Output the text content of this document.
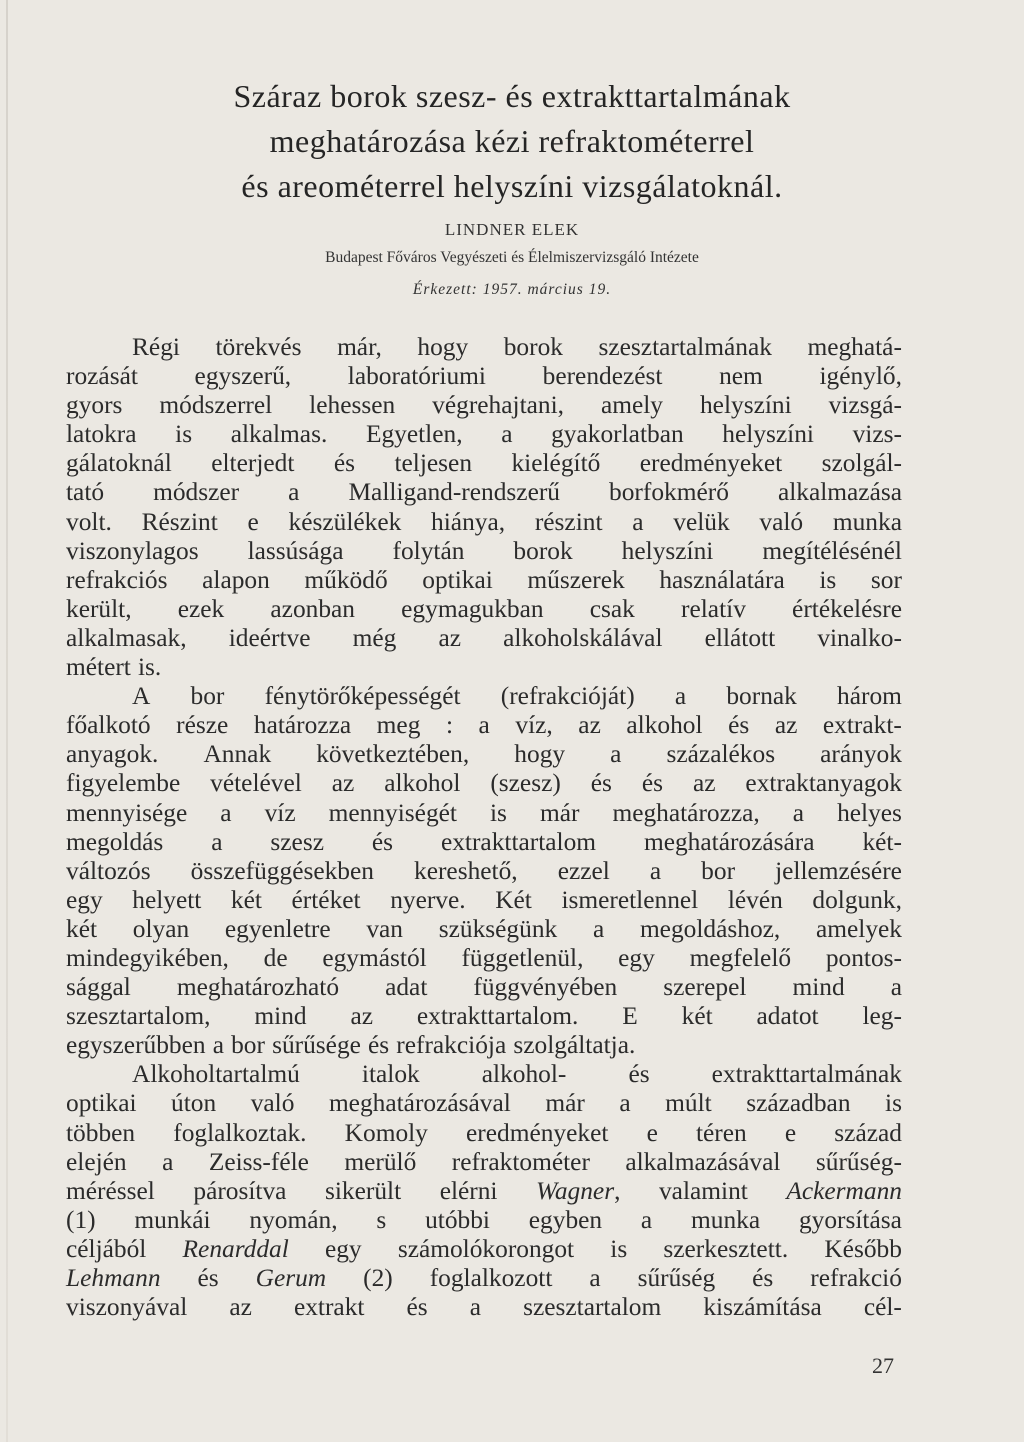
Száraz borok szesz- és extrakttartalmának
meghatározása kézi refraktométerrel
és areométerrel helyszíni vizsgálatoknál.
LINDNER ELEK
Budapest Főváros Vegyészeti és Élelmiszervizsgáló Intézete
Érkezett: 1957. március 19.
Régi törekvés már, hogy borok szesztartalmának meghatá-
rozását egyszerű, laboratóriumi berendezést nem igénylő,
gyors módszerrel lehessen végrehajtani, amely helyszíni vizsgá-
latokra is alkalmas. Egyetlen, a gyakorlatban helyszíni vizs-
gálatoknál elterjedt és teljesen kielégítő eredményeket szolgál-
tató módszer a Malligand-rendszerű borfokmérő alkalmazása
volt. Részint e készülékek hiánya, részint a velük való munka
viszonylagos lassúsága folytán borok helyszíni megítélésénél
refrakciós alapon működő optikai műszerek használatára is sor
került, ezek azonban egymagukban csak relatív értékelésre
alkalmasak, ideértve még az alkoholskálával ellátott vinalko-
métert is.
A bor fénytörőképességét (refrakcióját) a bornak három
főalkotó része határozza meg : a víz, az alkohol és az extrakt-
anyagok. Annak következtében, hogy a százalékos arányok
figyelembe vételével az alkohol (szesz) és és az extraktanyagok
mennyisége a víz mennyiségét is már meghatározza, a helyes
megoldás a szesz és extrakttartalom meghatározására két-
változós összefüggésekben kereshető, ezzel a bor jellemzésére
egy helyett két értéket nyerve. Két ismeretlennel lévén dolgunk,
két olyan egyenletre van szükségünk a megoldáshoz, amelyek
mindegyikében, de egymástól függetlenül, egy megfelelő pontos-
sággal meghatározható adat függvényében szerepel mind a
szesztartalom, mind az extrakttartalom. E két adatot leg-
egyszerűbben a bor sűrűsége és refrakciója szolgáltatja.
Alkoholtartalmú italok alkohol- és extrakttartalmának
optikai úton való meghatározásával már a múlt században is
többen foglalkoztak. Komoly eredményeket e téren e század
elején a Zeiss-féle merülő refraktométer alkalmazásával sűrűség-
méréssel párosítva sikerült elérni Wagner, valamint Ackermann
(1) munkái nyomán, s utóbbi egyben a munka gyorsítása
céljából Renarddal egy számolókorongot is szerkesztett. Később
Lehmann és Gerum (2) foglalkozott a sűrűség és refrakció
viszonyával az extrakt és a szesztartalom kiszámítása cél-
27
